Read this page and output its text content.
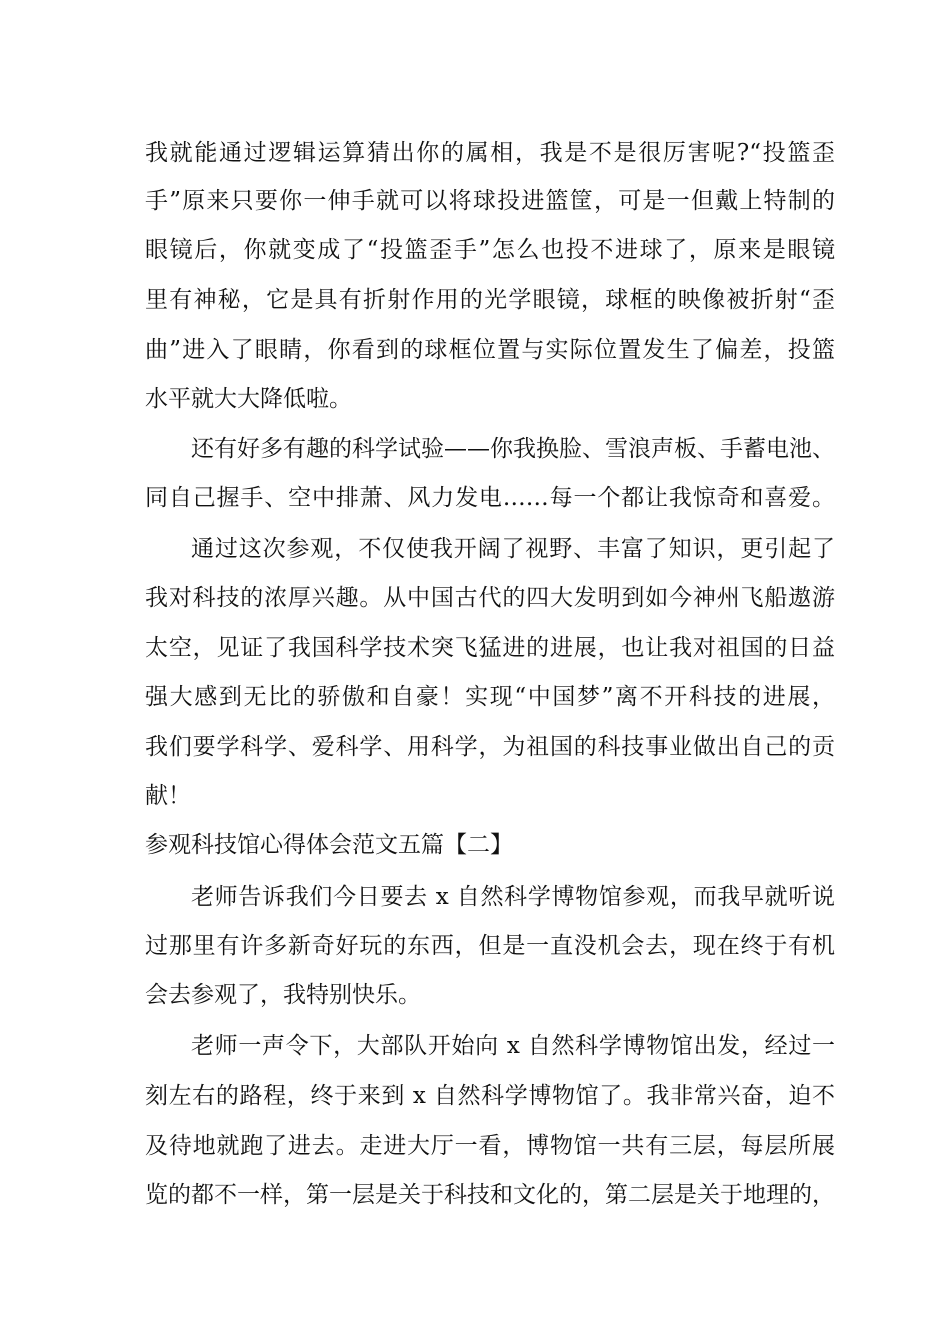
我就能通过逻辑运算猜出你的属相，我是不是很厉害呢?“投篮歪
手”原来只要你一伸手就可以将球投进篮筐，可是一但戴上特制的
眼镜后，你就变成了“投篮歪手”怎么也投不进球了，原来是眼镜
里有神秘，它是具有折射作用的光学眼镜，球框的映像被折射“歪
曲”进入了眼睛，你看到的球框位置与实际位置发生了偏差，投篮
水平就大大降低啦。
还有好多有趣的科学试验——你我换脸、雪浪声板、手蓄电池、
同自己握手、空中排萧、风力发电……每一个都让我惊奇和喜爱。
通过这次参观，不仅使我开阔了视野、丰富了知识，更引起了
我对科技的浓厚兴趣。从中国古代的四大发明到如今神州飞船遨游
太空，见证了我国科学技术突飞猛进的进展，也让我对祖国的日益
强大感到无比的骄傲和自豪！实现“中国梦”离不开科技的进展，
我们要学科学、爱科学、用科学，为祖国的科技事业做出自己的贡
献！
参观科技馆心得体会范文五篇【二】
老师告诉我们今日要去 x 自然科学博物馆参观，而我早就听说
过那里有许多新奇好玩的东西，但是一直没机会去，现在终于有机
会去参观了，我特别快乐。
老师一声令下，大部队开始向 x 自然科学博物馆出发，经过一
刻左右的路程，终于来到 x 自然科学博物馆了。我非常兴奋，迫不
及待地就跑了进去。走进大厅一看，博物馆一共有三层，每层所展
览的都不一样，第一层是关于科技和文化的，第二层是关于地理的，
